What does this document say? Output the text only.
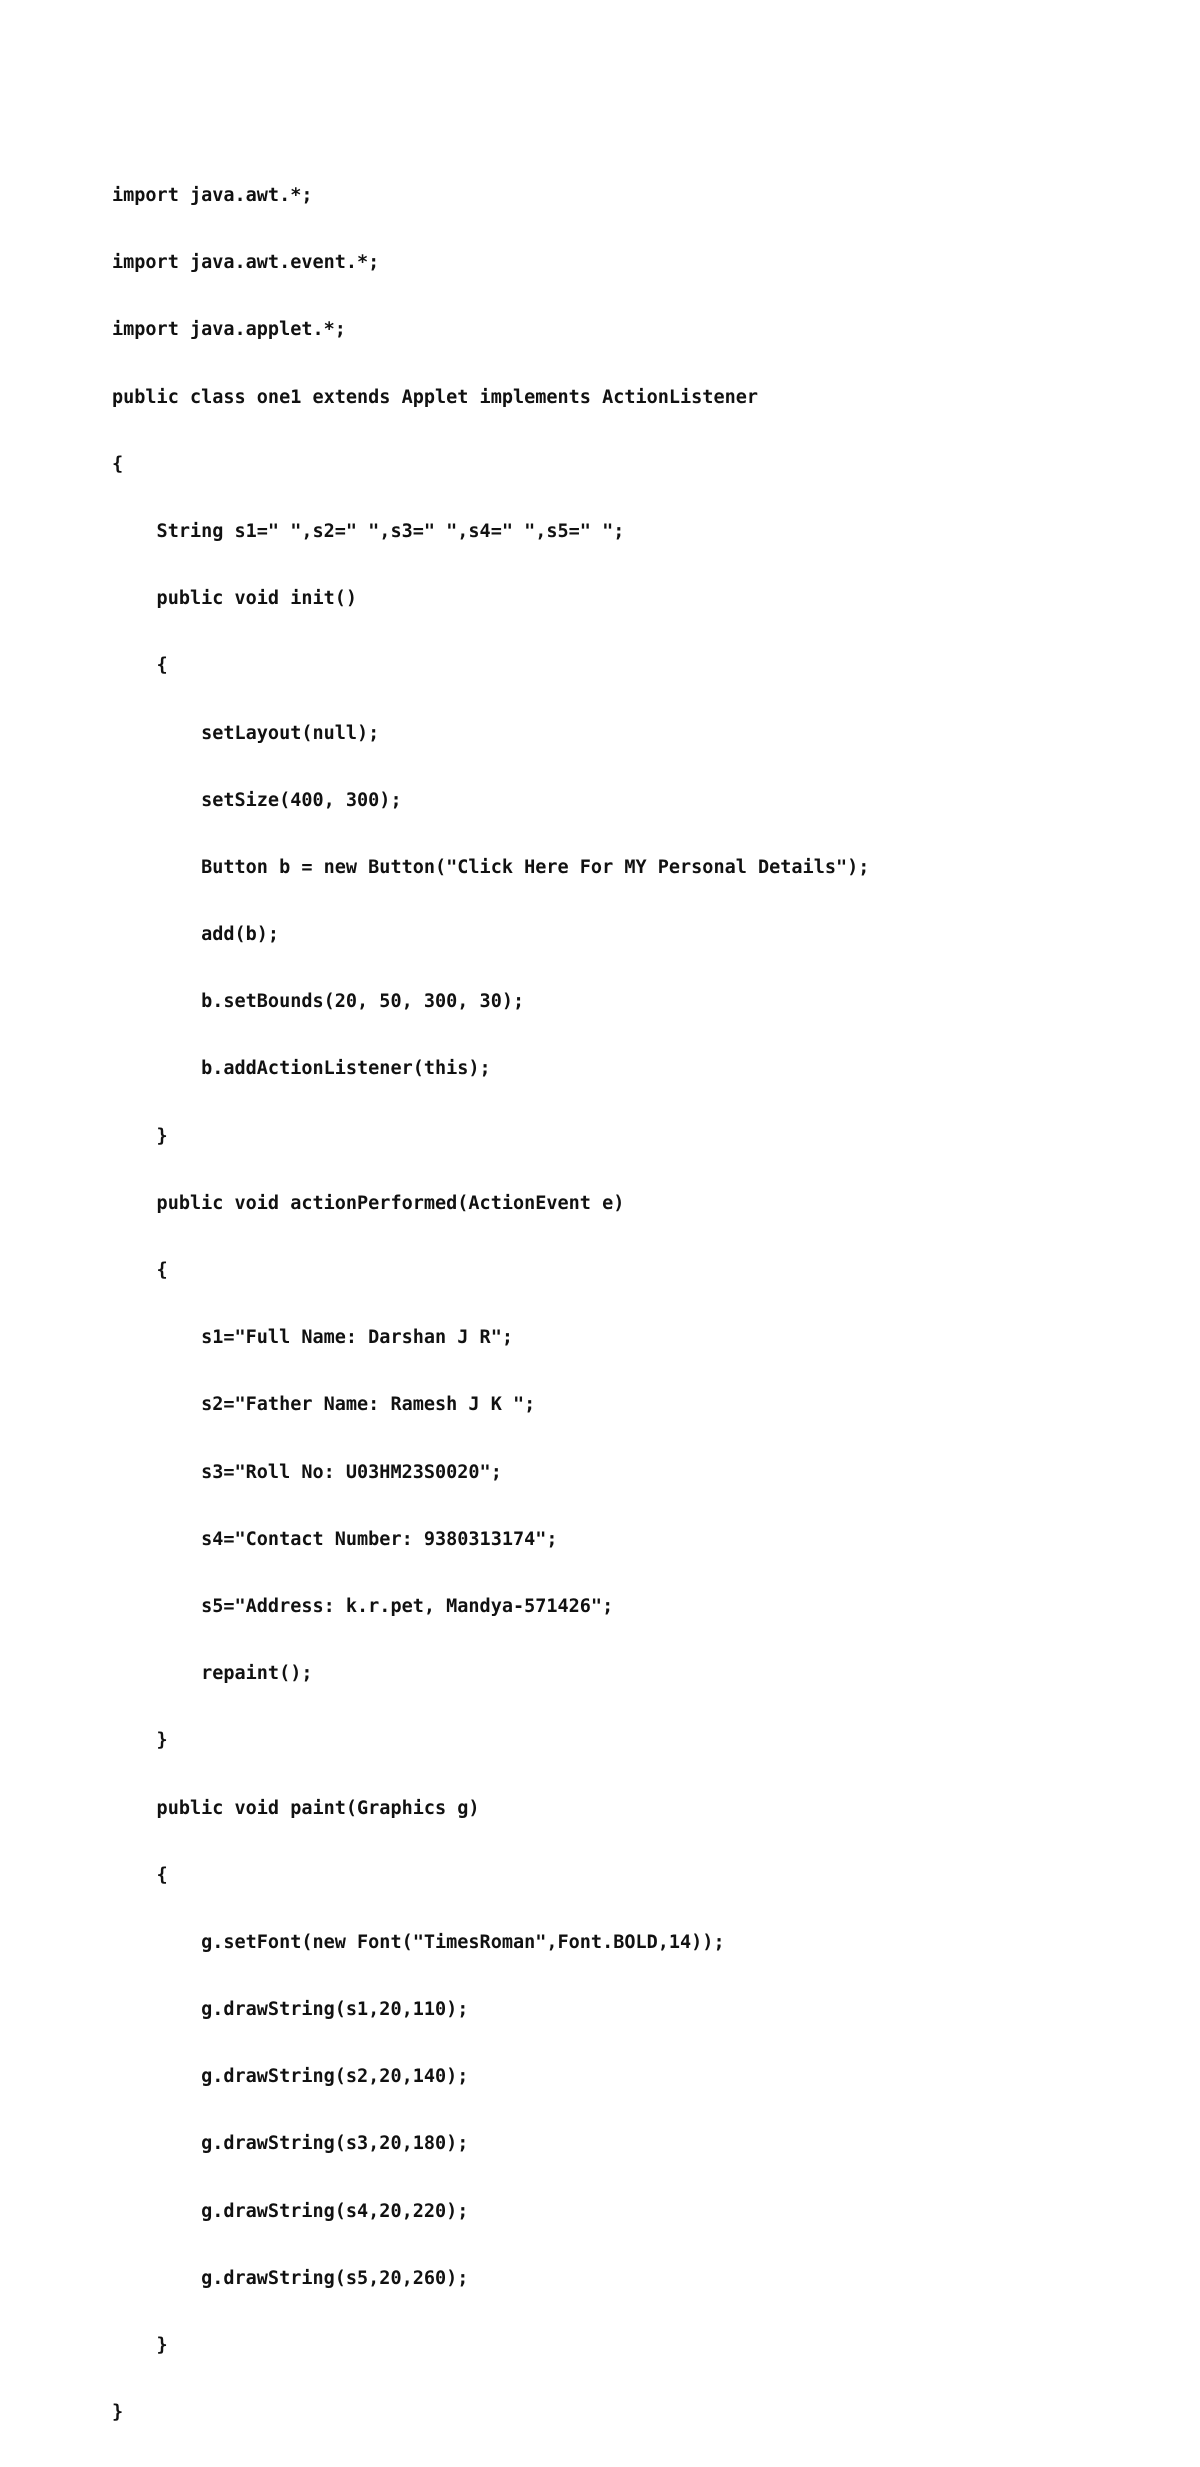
import java.awt.*;

import java.awt.event.*;

import java.applet.*;

public class one1 extends Applet implements ActionListener

{

String s1=" ",s2=" ",s3=" ",s4=" ",s5=" ";

public void init()

{

setLayout(null);

setSize(400, 300);

Button b = new Button("Click Here For MY Personal Details");

add(b);

b.setBounds(20, 50, 300, 30);

b.addActionListener(this);

}

public void actionPerformed(ActionEvent e)

{

s1="Full Name: Darshan J R";

s2="Father Name: Ramesh J K ";

s3="Roll No: U03HM23S0020";

s4="Contact Number: 9380313174";

s5="Address: k.r.pet, Mandya-571426";

repaint();

}

public void paint(Graphics g)

{

g.setFont(new Font("TimesRoman",Font.BOLD,14));

g.drawString(s1,20,110);

g.drawString(s2,20,140);

g.drawString(s3,20,180);

g.drawString(s4,20,220);

g.drawString(s5,20,260);

}

}
